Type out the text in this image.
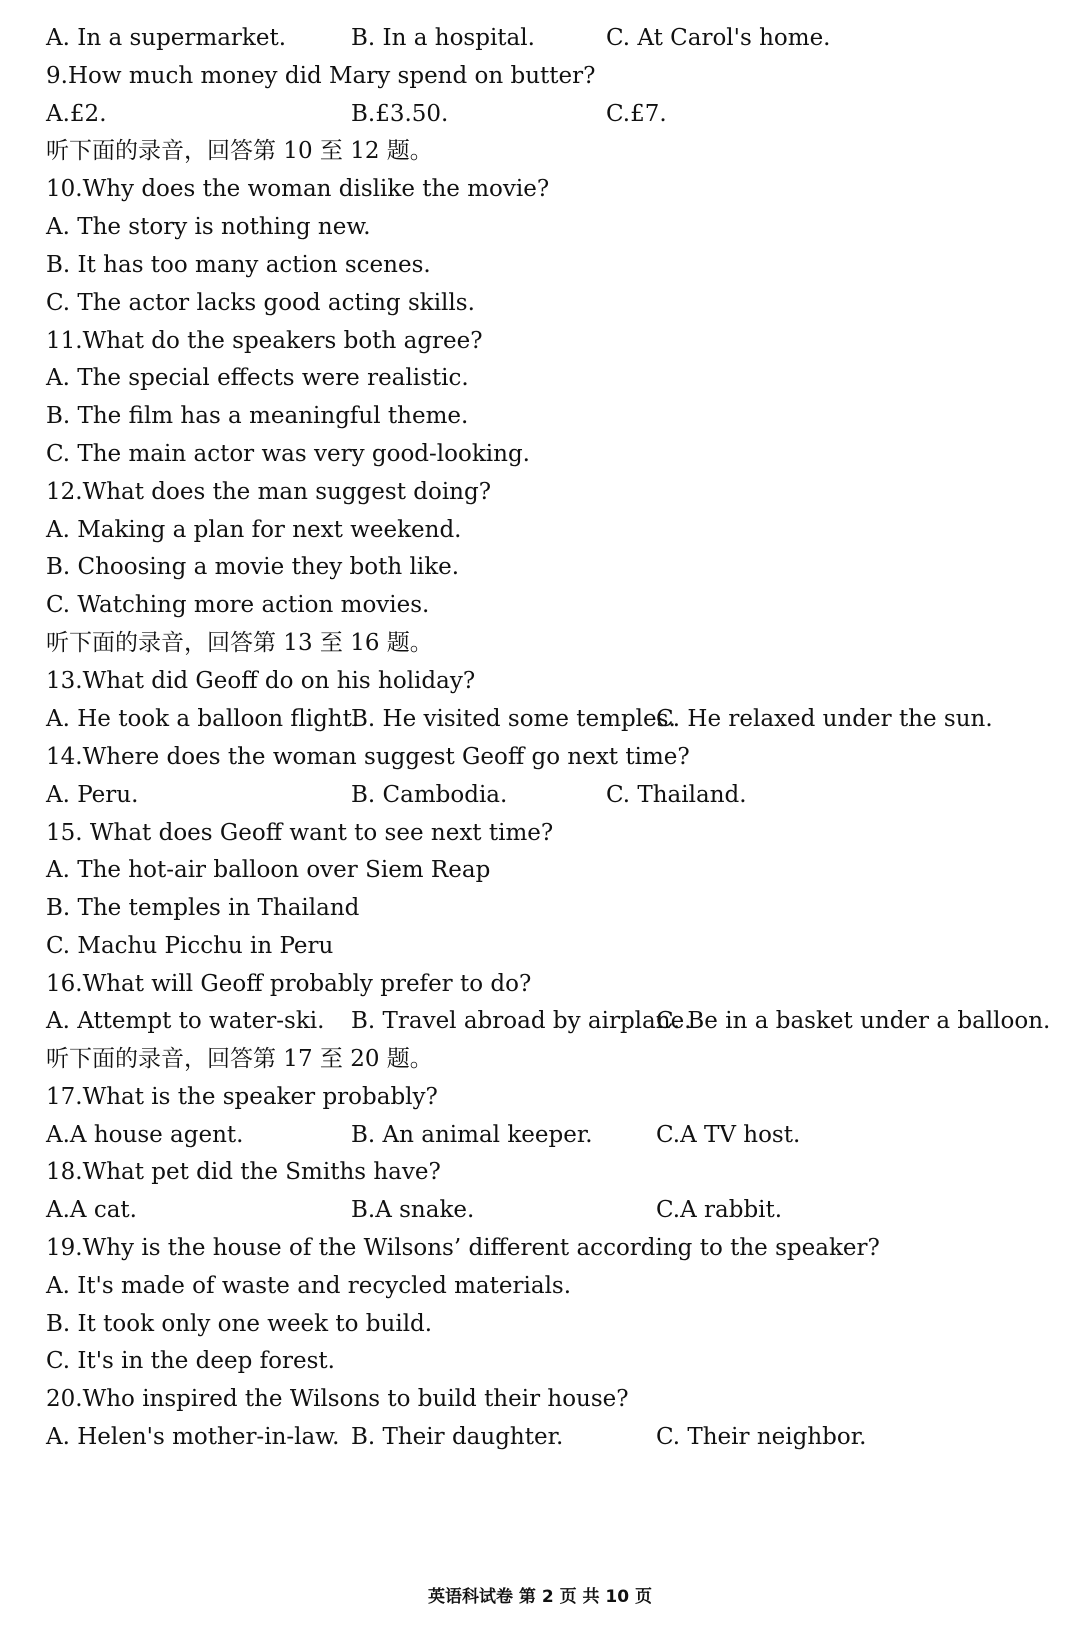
A. In a supermarket.	B. In a hospital.	C. At Carol's home.
9.How much money did Mary spend on butter?
A.£2.	B.£3.50.	C.£7.
听下面的录音，回答第 10 至 12 题。
10.Why does the woman dislike the movie?
A. The story is nothing new.
B. It has too many action scenes.
C. The actor lacks good acting skills.
11.What do the speakers both agree?
A. The special effects were realistic.
B. The film has a meaningful theme.
C. The main actor was very good-looking.
12.What does the man suggest doing?
A. Making a plan for next weekend.
B. Choosing a movie they both like.
C. Watching more action movies.
听下面的录音，回答第 13 至 16 题。
13.What did Geoff do on his holiday?
A. He took a balloon flight.
B. He visited some temples.
C. He relaxed under the sun.
14.Where does the woman suggest Geoff go next time?
A. Peru.	B. Cambodia.	C. Thailand.
15. What does Geoff want to see next time?
A. The hot-air balloon over Siem Reap
B. The temples in Thailand
C. Machu Picchu in Peru
16.What will Geoff probably prefer to do?
A. Attempt to water-ski. B. Travel abroad by airplane.
C. Be in a basket under a balloon.
听下面的录音，回答第 17 至 20 题。
17.What is the speaker probably?
A.A house agent.	B. An animal keeper.	C.A TV host.
18.What pet did the Smiths have?
A.A cat.	B.A snake.	C.A rabbit.
19.Why is the house of the Wilsons’ different according to the speaker?
A. It's made of waste and recycled materials.
B. It took only one week to build.
C. It's in the deep forest.
20.Who inspired the Wilsons to build their house?
A. Helen's mother-in-law. B. Their daughter.	C. Their neighbor.
英语科试卷 第 2 页 共 10 页
